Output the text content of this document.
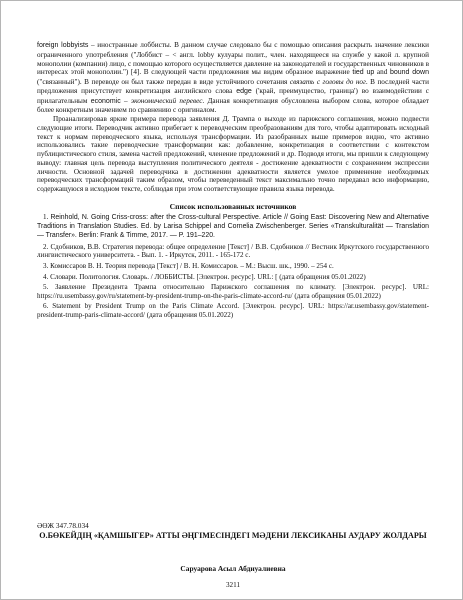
foreign lobbyists – иностранные лоббисты. В данном случае следовало бы с помощью описания раскрыть значение лексики ограниченного употребления ("Лоббист – < англ. lobby кулуары полит., член. находящееся на службе у какой л. крупной монополии (компании) лицо, с помощью которого осуществляется давление на законодателей и государственных чиновников в интересах этой монополии.") [4]. В следующей части предложения мы видим образное выражение tied up and bound down ("связанный"). В переводе он был также передан в виде устойчивого сочетания связать с головы до ног. В последней части предложения присутствует конкретизация английского слова edge ('край, преимущество, граница') во взаимодействии с прилагательным economic – экономический перевес. Данная конкретизация обусловлена выбором слова, которое обладает более конкретным значением по сравнению с оригиналом.

Проанализировав яркие примера перевода заявления Д. Трампа о выходе из парижского соглашения, можно подвести следующие итоги. Переводчик активно прибегает к переводческим преобразованиям для того, чтобы адаптировать исходный текст к нормам переводческого языка, используя трансформации. Из разобранных выше примеров видно, что активно использовались такие переводческие трансформации как: добавление, конкретизация в соответствии с контекстом публицистического стиля, замена частей предложений, членение предложений и др. Подводя итоги, мы пришли к следующему выводу: главная цель перевода выступления политического деятеля - достижение адекватности с сохранением экспрессии личности. Основной задачей переводчика в достижении адекватности является умелое применение необходимых переводческих трансформаций таким образом, чтобы переведенный текст максимально точно передавал всю информацию, содержащуюся в исходном тексте, соблюдая при этом соответствующие правила языка перевода.

Список использованных источников
1. Reinhold, N. Going Criss-cross: after the Cross-cultural Perspective. Article // Going East: Discovering New and Alternative Traditions in Translation Studies. Ed. by Larisa Schippel and Cornelia Zwischenberger. Series «Transkulturalität — Translation — Transfer». Berlin: Frank & Timme, 2017. — P. 191–220.
2. Сдобников, В.В. Стратегия перевода: общее определение [Текст] / В.В. Сдобников // Вестник Иркутского государственного лингвистического университета. - Вып. 1. - Иркутск, 2011. - 165-172 с.
3. Комиссаров В. Н. Теория перевода [Текст] / В. Н. Комиссаров. – М.: Высш. шк., 1990. – 254 с.
4. Словари. Политология. Словарь. / ЛОББИСТЫ. [Электрон. ресурс]. URL: [ (дата обращения 05.01.2022)
5. Заявление Президента Трампа относительно Парижского соглашения по климату. [Электрон. ресурс]. URL: https://ru.usembassy.gov/ru/statement-by-president-trump-on-the-paris-climate-accord-ru/ (дата обращения 05.01.2022)
6. Statement by President Trump on the Paris Climate Accord. [Электрон. ресурс]. URL: https://ar.usembassy.gov/statement-president-trump-paris-climate-accord/ (дата обращения 05.01.2022)
ӘӨЖ 347.78.034
О.БӨКЕЙДІҢ «ҚАМШЫГЕР» АТТЫ ӘҢГІМЕСІНДЕГІ МӘДЕНИ ЛЕКСИКАНЫ АУДАРУ ЖОЛДАРЫ
Саруарова Асыл Абдиуалиевна
3211
